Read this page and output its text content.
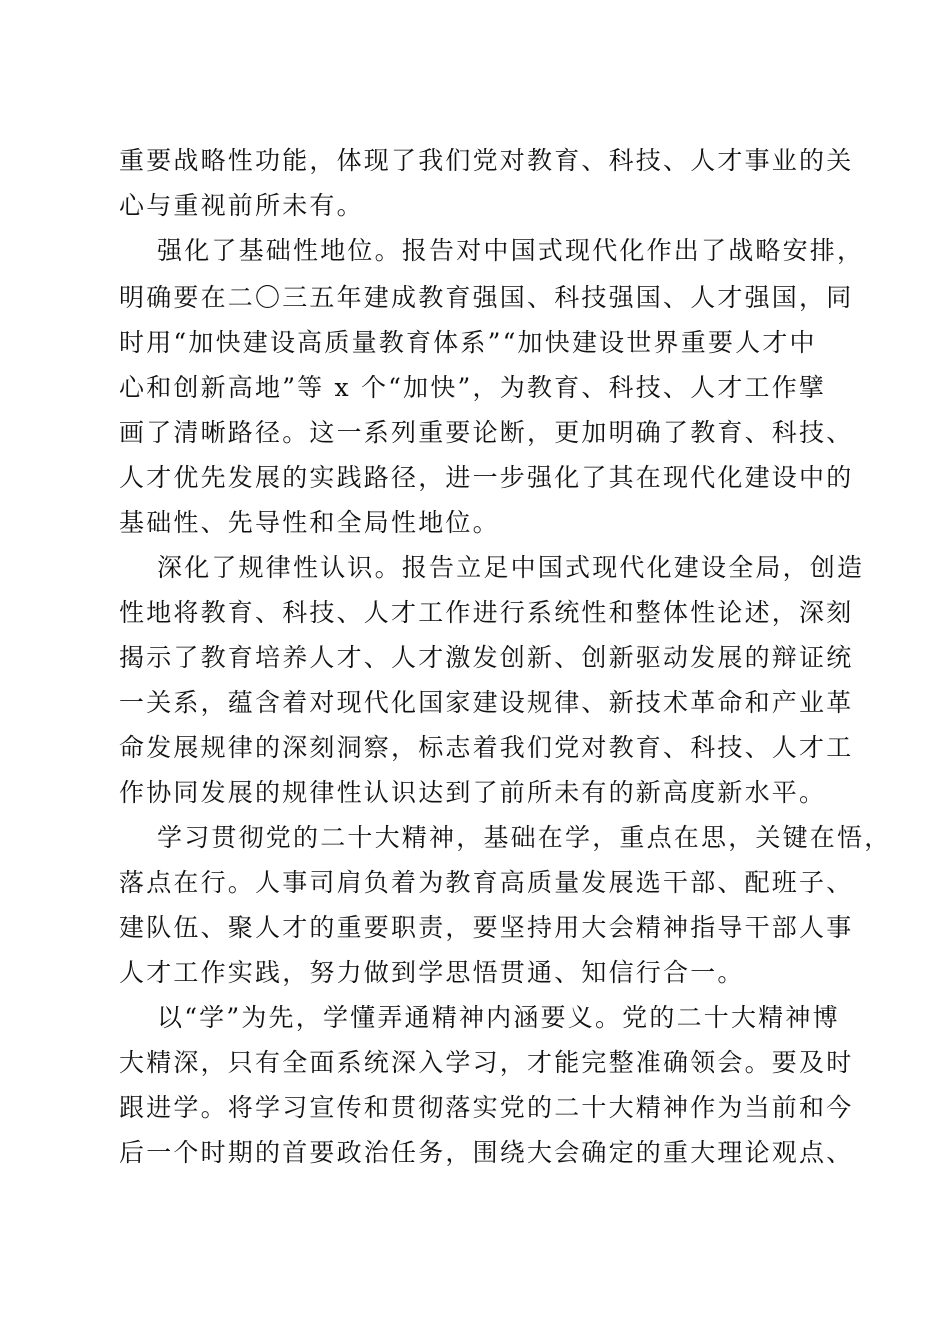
重要战略性功能，体现了我们党对教育、科技、人才事业的关

心与重视前所未有。

强化了基础性地位。报告对中国式现代化作出了战略安排，

明确要在二〇三五年建成教育强国、科技强国、人才强国，同

时用“加快建设高质量教育体系”“加快建设世界重要人才中

心和创新高地”等 x 个“加快”，为教育、科技、人才工作擘

画了清晰路径。这一系列重要论断，更加明确了教育、科技、

人才优先发展的实践路径，进一步强化了其在现代化建设中的

基础性、先导性和全局性地位。

深化了规律性认识。报告立足中国式现代化建设全局，创造

性地将教育、科技、人才工作进行系统性和整体性论述，深刻

揭示了教育培养人才、人才激发创新、创新驱动发展的辩证统

一关系，蕴含着对现代化国家建设规律、新技术革命和产业革

命发展规律的深刻洞察，标志着我们党对教育、科技、人才工

作协同发展的规律性认识达到了前所未有的新高度新水平。

学习贯彻党的二十大精神，基础在学，重点在思，关键在悟，

落点在行。人事司肩负着为教育高质量发展选干部、配班子、

建队伍、聚人才的重要职责，要坚持用大会精神指导干部人事

人才工作实践，努力做到学思悟贯通、知信行合一。

以“学”为先，学懂弄通精神内涵要义。党的二十大精神博

大精深，只有全面系统深入学习，才能完整准确领会。要及时

跟进学。将学习宣传和贯彻落实党的二十大精神作为当前和今

后一个时期的首要政治任务，围绕大会确定的重大理论观点、
